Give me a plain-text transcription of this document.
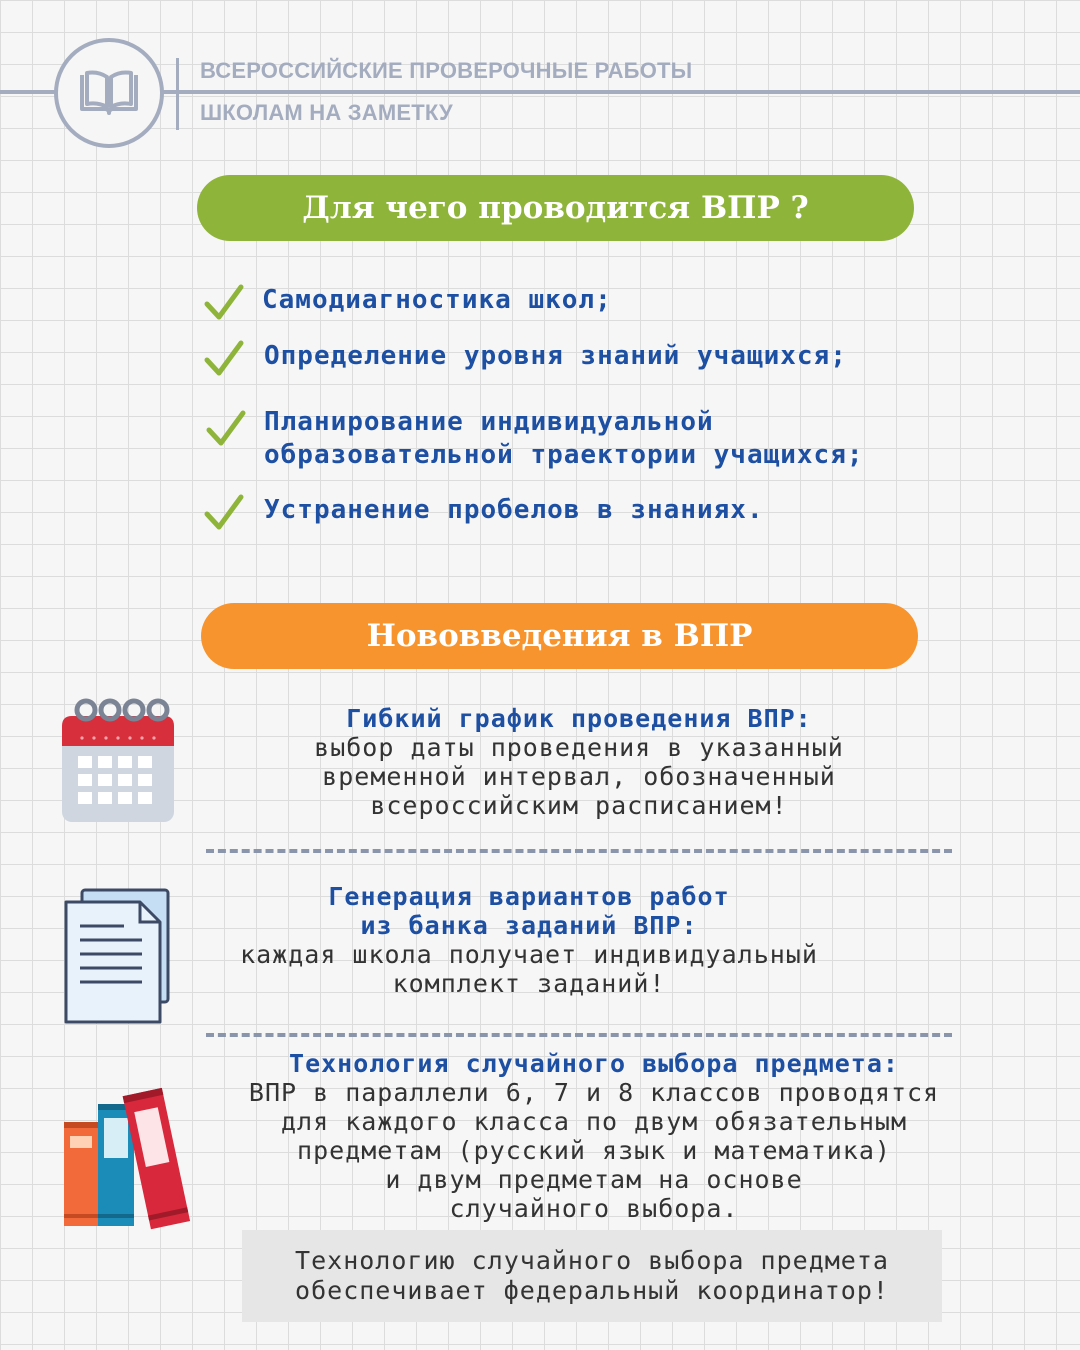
ВСЕРОССИЙСКИЕ ПРОВЕРОЧНЫЕ РАБОТЫ
ШКОЛАМ НА ЗАМЕТКУ
Для чего проводится ВПР ?
Самодиагностика школ;
Определение уровня знаний учащихся;
Планирование индивидуальной
образовательной траектории учащихся;
Устранение пробелов в знаниях.
Нововведения в ВПР
Гибкий график проведения ВПР:
выбор даты проведения в указанный
временной интервал, обозначенный
всероссийским расписанием!
Генерация вариантов работ
из банка заданий ВПР:
каждая школа получает индивидуальный
комплект заданий!
Технология случайного выбора предмета:
ВПР в параллели 6, 7 и 8 классов проводятся
для каждого класса по двум обязательным
предметам (русский язык и математика)
и двум предметам на основе
случайного выбора.
Технологию случайного выбора предмета
обеспечивает федеральный координатор!
